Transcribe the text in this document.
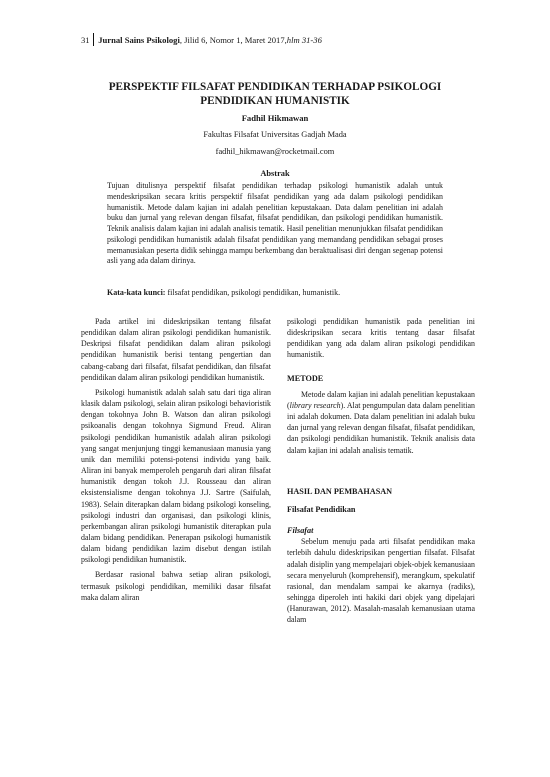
31 Jurnal Sains Psikologi , Jilid 6, Nomor 1, Maret 2017, hlm 31-36
PERSPEKTIF FILSAFAT PENDIDIKAN TERHADAP PSIKOLOGI
PENDIDIKAN HUMANISTIK
Fadhil Hikmawan
Fakultas Filsafat Universitas Gadjah Mada
fadhil_hikmawan@rocketmail.com
Abstrak
Tujuan ditulisnya perspektif filsafat pendidikan terhadap psikologi humanistik adalah untuk mendeskripsikan secara kritis perspektif filsafat pendidikan yang ada dalam psikologi pendidikan humanistik. Metode dalam kajian ini adalah penelitian kepustakaan. Data dalam penelitian ini adalah buku dan jurnal yang relevan dengan filsafat, filsafat pendidikan, dan psikologi pendidikan humanistik. Teknik analisis dalam kajian ini adalah analisis tematik. Hasil penelitian menunjukkan filsafat pendidikan psikologi pendidikan humanistik adalah filsafat pendidikan yang memandang pendidikan sebagai proses memanusiakan peserta didik sehingga mampu berkembang dan beraktualisasi diri dengan segenap potensi asli yang ada dalam dirinya.
Kata-kata kunci: filsafat pendidikan, psikologi pendidikan, humanistik.

Pada artikel ini dideskripsikan tentang filsafat pendidikan dalam aliran psikologi pendidikan humanistik. Deskripsi filsafat pendidikan dalam aliran psikologi pendidikan humanistik berisi tentang pengertian dan cabang-cabang dari filsafat, filsafat pendidikan, dan filsafat pendidikan dalam aliran psikologi pendidikan humanistik.

Psikologi humanistik adalah salah satu dari tiga aliran klasik dalam psikologi, selain aliran psikologi behavioristik dengan tokohnya John B. Watson dan aliran psikologi psikoanalis dengan tokohnya Sigmund Freud. Aliran psikologi pendidikan humanistik adalah aliran psikologi yang sangat menjunjung tinggi kemanusiaan manusia yang unik dan memiliki potensi-potensi individu yang baik. Aliran ini banyak memperoleh pengaruh dari aliran filsafat humanistik dengan tokoh J.J. Rousseau dan aliran eksistensialisme dengan tokohnya J.J. Sartre (Saifulah, 1983). Selain diterapkan dalam bidang psikologi konseling, psikologi industri dan organisasi, dan psikologi klinis, perkembangan aliran psikologi humanistik diterapkan pula dalam bidang pendidikan. Penerapan psikologi humanistik dalam bidang pendidikan lazim disebut dengan istilah psikologi pendidikan humanistik.

Berdasar rasional bahwa setiap aliran psikologi, termasuk psikologi pendidikan, memiliki dasar filsafat maka dalam aliran

psikologi pendidikan humanistik pada penelitian ini dideskripsikan secara kritis tentang dasar filsafat pendidikan yang ada dalam aliran psikologi pendidikan humanistik.

METODE

Metode dalam kajian ini adalah penelitian kepustakaan (library research). Alat pengumpulan data dalam penelitian ini adalah dokumen. Data dalam penelitian ini adalah buku dan jurnal yang relevan dengan filsafat, filsafat pendidikan, dan psikologi pendidikan humanistik. Teknik analisis data dalam kajian ini adalah analisis tematik.

HASIL DAN PEMBAHASAN

Filsafat Pendidikan

Filsafat

Sebelum menuju pada arti filsafat pendidikan maka terlebih dahulu dideskripsikan pengertian filsafat. Filsafat adalah disiplin yang mempelajari objek-objek kemanusiaan secara menyeluruh (komprehensif), merangkum, spekulatif rasional, dan mendalam sampai ke akarnya (radiks), sehingga diperoleh inti hakiki dari objek yang dipelajari (Hanurawan, 2012). Masalah-masalah kemanusiaan utama dalam
